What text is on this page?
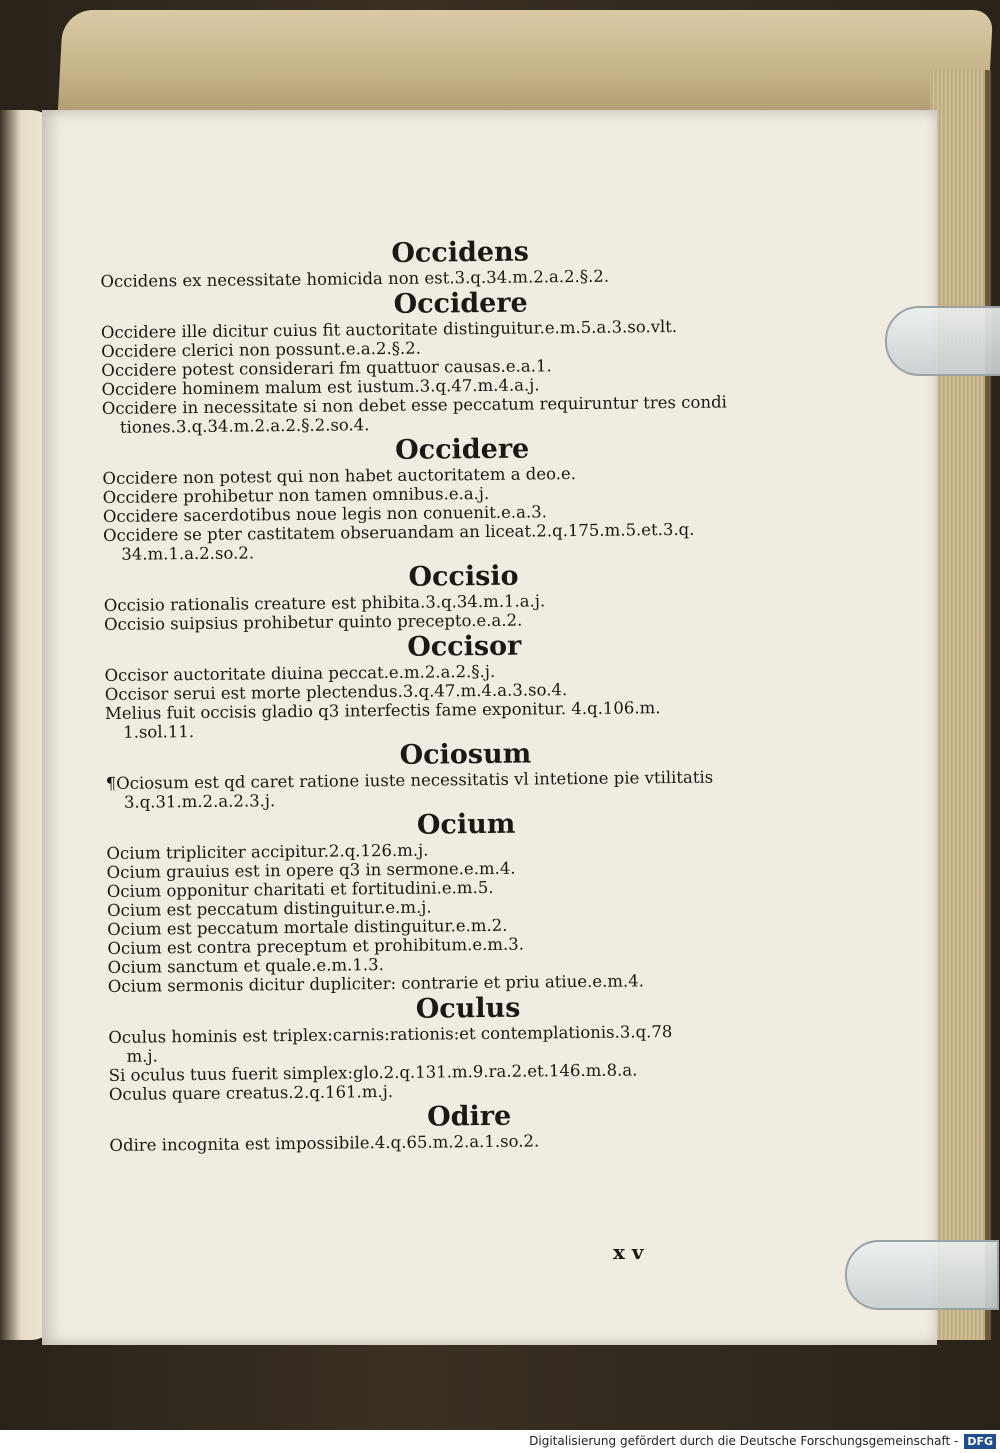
Occidens
Occidens ex necessitate homicida non est.3.q.34.m.2.a.2.§.2.
Occidere
Occidere ille dicitur cuius fit auctoritate distinguitur.e.m.5.a.3.so.vlt.
Occidere clerici non possunt.e.a.2.§.2.
Occidere potest considerari fm quattuor causas.e.a.1.
Occidere hominem malum est iustum.3.q.47.m.4.a.j.
Occidere in necessitate si non debet esse peccatum requiruntur tres condi
tiones.3.q.34.m.2.a.2.§.2.so.4.
Occidere
Occidere non potest qui non habet auctoritatem a deo.e.
Occidere prohibetur non tamen omnibus.e.a.j.
Occidere sacerdotibus noue legis non conuenit.e.a.3.
Occidere se pter castitatem obseruandam an liceat.2.q.175.m.5.et.3.q.
34.m.1.a.2.so.2.
Occisio
Occisio rationalis creature est phibita.3.q.34.m.1.a.j.
Occisio suipsius prohibetur quinto precepto.e.a.2.
Occisor
Occisor auctoritate diuina peccat.e.m.2.a.2.§.j.
Occisor serui est morte plectendus.3.q.47.m.4.a.3.so.4.
Melius fuit occisis gladio q3 interfectis fame exponitur. 4.q.106.m.
1.sol.11.
Ociosum
¶Ociosum est qd caret ratione iuste necessitatis vl intetione pie vtilitatis
3.q.31.m.2.a.2.3.j.
Ocium
Ocium tripliciter accipitur.2.q.126.m.j.
Ocium grauius est in opere q3 in sermone.e.m.4.
Ocium opponitur charitati et fortitudini.e.m.5.
Ocium est peccatum distinguitur.e.m.j.
Ocium est peccatum mortale distinguitur.e.m.2.
Ocium est contra preceptum et prohibitum.e.m.3.
Ocium sanctum et quale.e.m.1.3.
Ocium sermonis dicitur dupliciter: contrarie et priu atiue.e.m.4.
Oculus
Oculus hominis est triplex:carnis:rationis:et contemplationis.3.q.78
m.j.
Si oculus tuus fuerit simplex:glo.2.q.131.m.9.ra.2.et.146.m.8.a.
Oculus quare creatus.2.q.161.m.j.
Odire
Odire incognita est impossibile.4.q.65.m.2.a.1.so.2.
x v
Digitalisierung gefördert durch die Deutsche Forschungsgemeinschaft - DFG
